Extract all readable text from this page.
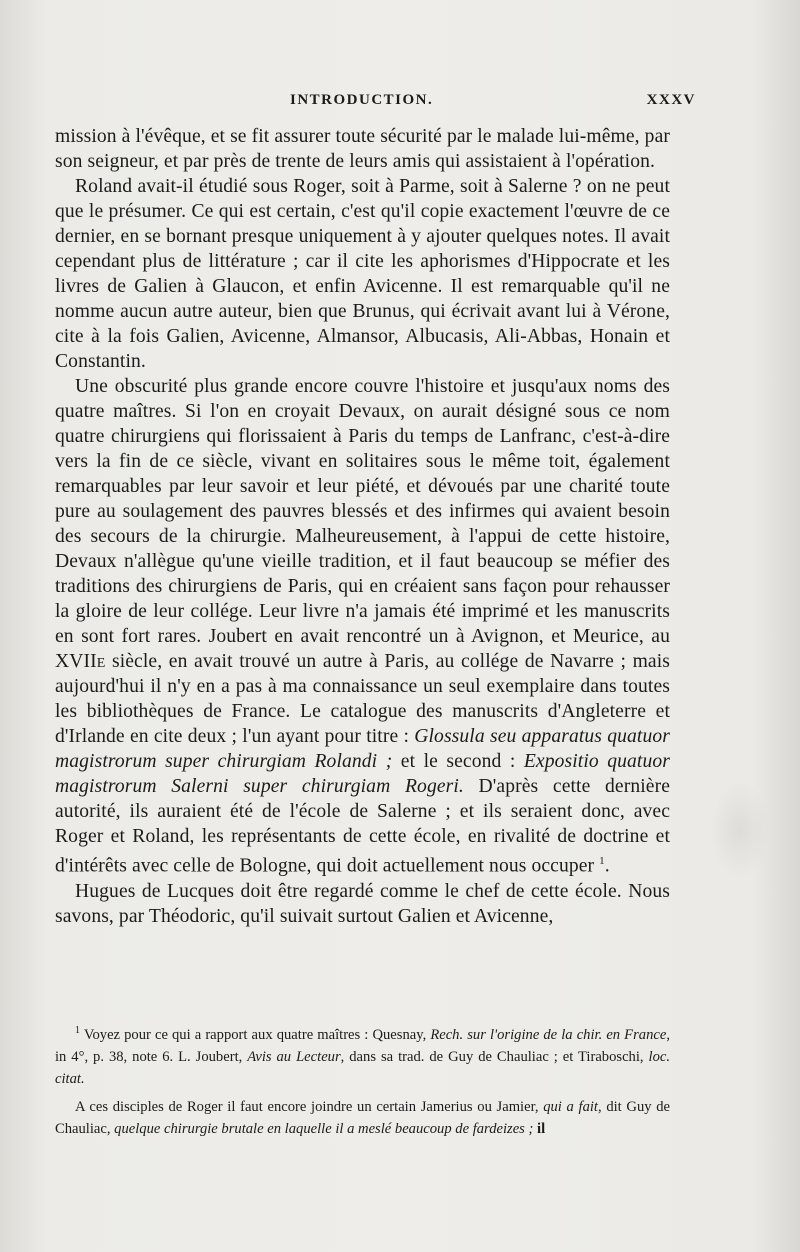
INTRODUCTION.	XXXV

mission à l'évêque, et se fit assurer toute sécurité par le malade lui-même, par son seigneur, et par près de trente de leurs amis qui assistaient à l'opération.

Roland avait-il étudié sous Roger, soit à Parme, soit à Salerne ? on ne peut que le présumer. Ce qui est certain, c'est qu'il copie exactement l'œuvre de ce dernier, en se bornant presque uniquement à y ajouter quelques notes. Il avait cependant plus de littérature ; car il cite les aphorismes d'Hippocrate et les livres de Galien à Glaucon, et enfin Avicenne. Il est remarquable qu'il ne nomme aucun autre auteur, bien que Brunus, qui écrivait avant lui à Vérone, cite à la fois Galien, Avicenne, Almansor, Albucasis, Ali-Abbas, Honain et Constantin.

Une obscurité plus grande encore couvre l'histoire et jusqu'aux noms des quatre maîtres. Si l'on en croyait Devaux, on aurait désigné sous ce nom quatre chirurgiens qui florissaient à Paris du temps de Lanfranc, c'est-à-dire vers la fin de ce siècle, vivant en solitaires sous le même toit, également remarquables par leur savoir et leur piété, et dévoués par une charité toute pure au soulagement des pauvres blessés et des infirmes qui avaient besoin des secours de la chirurgie. Malheureusement, à l'appui de cette histoire, Devaux n'allègue qu'une vieille tradition, et il faut beaucoup se méfier des traditions des chirurgiens de Paris, qui en créaient sans façon pour rehausser la gloire de leur collége. Leur livre n'a jamais été imprimé et les manuscrits en sont fort rares. Joubert en avait rencontré un à Avignon, et Meurice, au XVIIe siècle, en avait trouvé un autre à Paris, au collége de Navarre ; mais aujourd'hui il n'y en a pas à ma connaissance un seul exemplaire dans toutes les bibliothèques de France. Le catalogue des manuscrits d'Angleterre et d'Irlande en cite deux ; l'un ayant pour titre : Glossula seu apparatus quatuor magistrorum super chirurgiam Rolandi ; et le second : Expositio quatuor magistrorum Salerni super chirurgiam Rogeri. D'après cette dernière autorité, ils auraient été de l'école de Salerne ; et ils seraient donc, avec Roger et Roland, les représentants de cette école, en rivalité de doctrine et d'intérêts avec celle de Bologne, qui doit actuellement nous occuper $^1$.

Hugues de Lucques doit être regardé comme le chef de cette école. Nous savons, par Théodoric, qu'il suivait surtout Galien et Avicenne,

$^1$ Voyez pour ce qui a rapport aux quatre maîtres : Quesnay, Rech. sur l'origine de la chir. en France, in 4°, p. 38, note 6. L. Joubert, Avis au Lecteur, dans sa trad. de Guy de Chauliac ; et Tiraboschi, loc. citat.

A ces disciples de Roger il faut encore joindre un certain Jamerius ou Jamier, qui a fait, dit Guy de Chauliac, quelque chirurgie brutale en laquelle il a meslé beaucoup de fardeizes ; il
